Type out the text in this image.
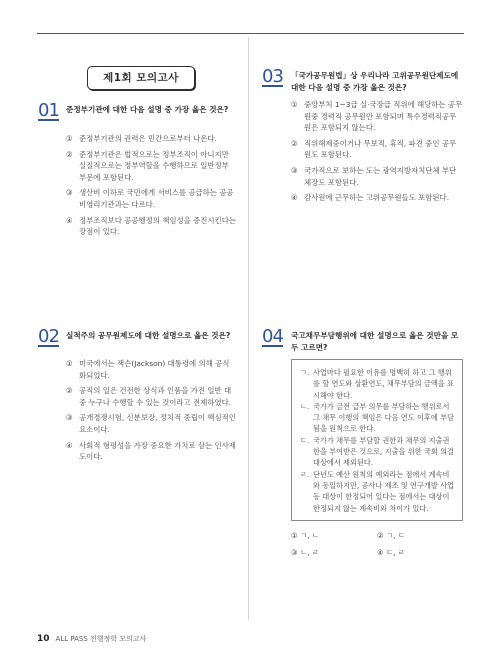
제1회 모의고사
01 준정부기관에 대한 다음 설명 중 가장 옳은 것은?
① 준정부기관의 권력은 민간으로부터 나온다.
② 준정부기관은 법적으로는 정부조직이 아니지만 실질적으로는 정부역할을 수행하므로 일반정부 부문에 포함된다.
③ 생산비 이하로 국민에게 서비스를 공급하는 공공비영리기관과는 다르다.
④ 정부조직보다 공공행정의 책임성을 증진시킨다는 장점이 있다.
02 실적주의 공무원제도에 대한 설명으로 옳은 것은?
① 미국에서는 잭슨(Jackson) 대통령에 의해 공식화되었다.
② 공직의 일은 건전한 상식과 인품을 가진 일반 대중 누구나 수행할 수 있는 것이라고 전제하였다.
③ 공개경쟁시험, 신분보장, 정치적 중립이 핵심적인 요소이다.
④ 사회적 형평성을 가장 중요한 가치로 삼는 인사제도이다.
03 「국가공무원법」상 우리나라 고위공무원단제도에 대한 다음 설명 중 가장 옳은 것은?
① 중앙부처 1~3급 실·국장급 직위에 해당하는 공무원중 경력직 공무원만 포함되며 특수경력직공무원은 포함되지 않는다.
② 직위해제중이거나 무보직, 휴직, 파견 중인 공무원도 포함된다.
③ 국가직으로 보하는 도는 광역지방자치단체 부단체장도 포함된다.
④ 감사원에 근무하는 고위공무원들도 포함된다.
04 국고채무부담행위에 대한 설명으로 옳은 것만을 모두 고르면?
ㄱ. 사업마다 필요한 이유를 명백히 하고 그 행위를 할 연도와 상환연도, 채무부담의 금액을 표시해야 한다.
ㄴ. 국가가 금전 급부 의무를 부담하는 행위로서 그 채무 이행의 책임은 다음 연도 이후에 부담됨을 원칙으로 한다.
ㄷ. 국가가 채무를 부담할 권한과 채무의 지출권한을 부여받은 것으로, 지출을 위한 국회 의결 대상에서 제외된다.
ㄹ. 단년도 예산 원칙의 예외라는 점에서 계속비와 동일하지만, 공사나 제조 및 연구개발 사업 등 대상이 한정되어 있다는 점에서는 대상이 한정되지 않는 계속비와 차이가 있다.
① ㄱ, ㄴ	② ㄱ, ㄷ
③ ㄴ, ㄹ	④ ㄷ, ㄹ
10 ALL PASS 전행정학 모의고사
